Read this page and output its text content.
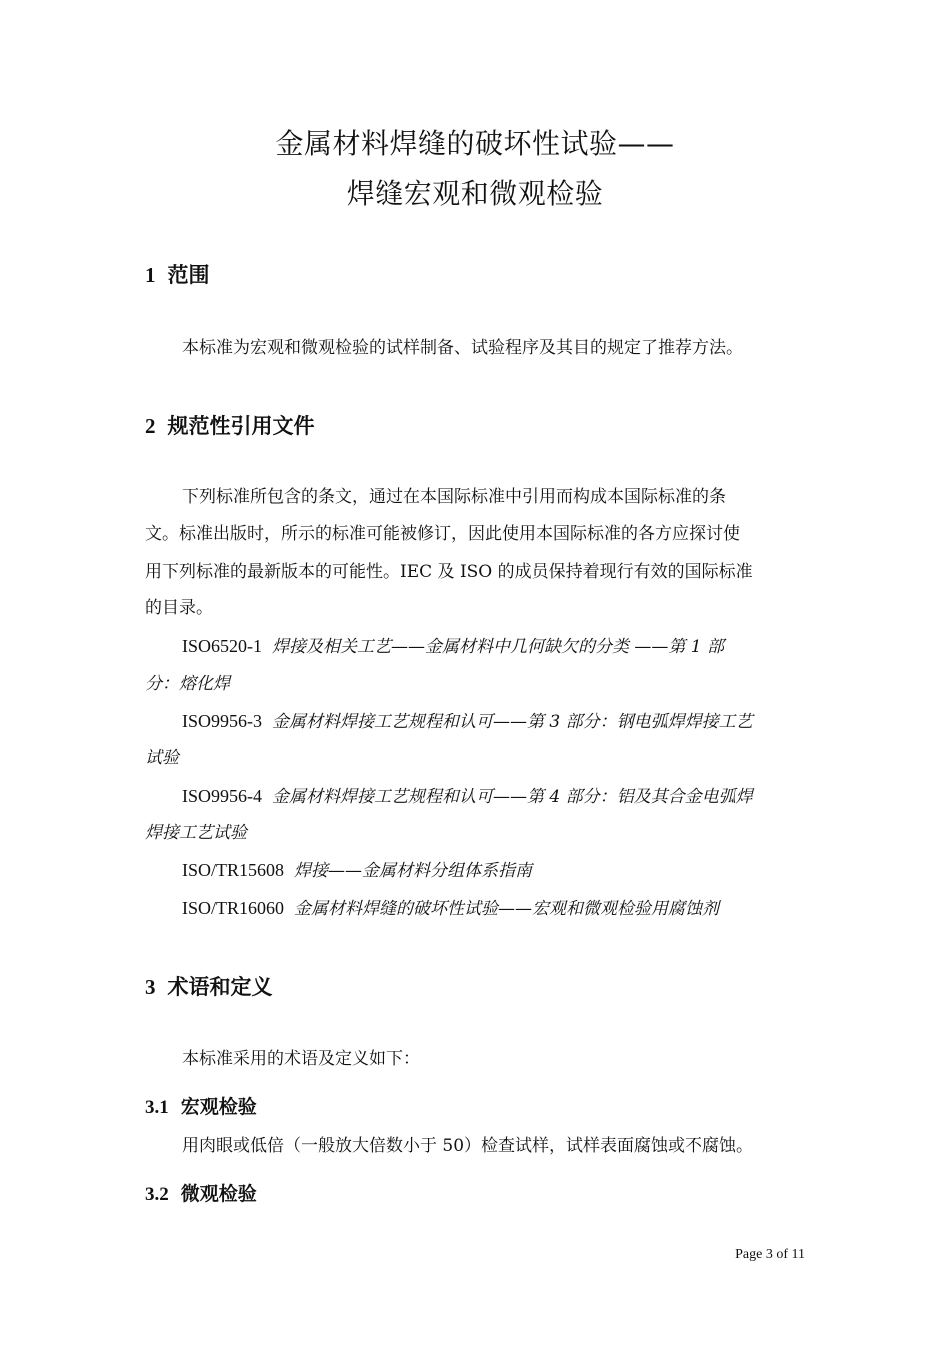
金属材料焊缝的破坏性试验——
焊缝宏观和微观检验
1 范围
本标准为宏观和微观检验的试样制备、试验程序及其目的规定了推荐方法。
2 规范性引用文件
下列标准所包含的条文，通过在本国际标准中引用而构成本国际标准的条
文。标准出版时，所示的标准可能被修订，因此使用本国际标准的各方应探讨使
用下列标准的最新版本的可能性。IEC 及 ISO 的成员保持着现行有效的国际标准
的目录。
ISO6520-1 焊接及相关工艺——金属材料中几何缺欠的分类 ——第 1 部
分：熔化焊
ISO9956-3 金属材料焊接工艺规程和认可——第 3 部分：钢电弧焊焊接工艺
试验
ISO9956-4 金属材料焊接工艺规程和认可——第 4 部分：铝及其合金电弧焊
焊接工艺试验
ISO/TR15608 焊接——金属材料分组体系指南
ISO/TR16060 金属材料焊缝的破坏性试验——宏观和微观检验用腐蚀剂
3 术语和定义
本标准采用的术语及定义如下：
3.1 宏观检验
用肉眼或低倍（一般放大倍数小于 50）检查试样，试样表面腐蚀或不腐蚀。
3.2 微观检验
Page 3 of 11
